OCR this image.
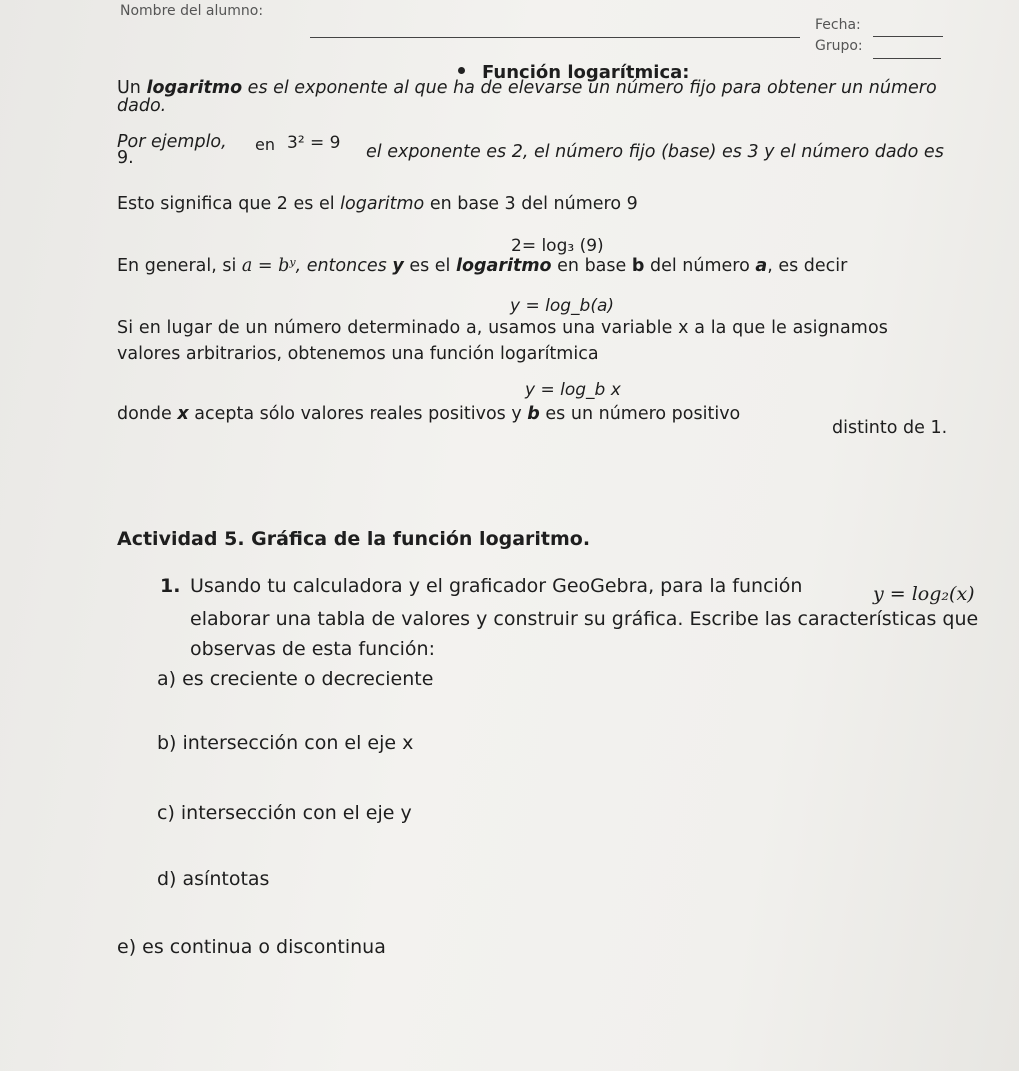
Nombre del alumno:
Fecha:
Grupo:
Función logarítmica:
Un logaritmo es el exponente al que ha de elevarse un número fijo para obtener un número
dado.
Por ejemplo, en 3² = 9 el exponente es 2, el número fijo (base) es 3 y el número dado es
9.
Esto significa que 2 es el logaritmo en base 3 del número 9
2= log₃ (9)
En general, si a = bʸ, entonces y es el logaritmo en base b del número a, es decir
y = log_b(a)
Si en lugar de un número determinado a, usamos una variable x a la que le asignamos
valores arbitrarios, obtenemos una función logarítmica
y = log_b x
donde x acepta sólo valores reales positivos y b es un número positivo
distinto de 1.
Actividad 5. Gráfica de la función logaritmo.
1. Usando tu calculadora y el graficador GeoGebra, para la función	y = log₂(x)
elaborar una tabla de valores y construir su gráfica. Escribe las características que
observas de esta función:
a) es creciente o decreciente
b) intersección con el eje x
c) intersección con el eje y
d) asíntotas
e) es continua o discontinua
